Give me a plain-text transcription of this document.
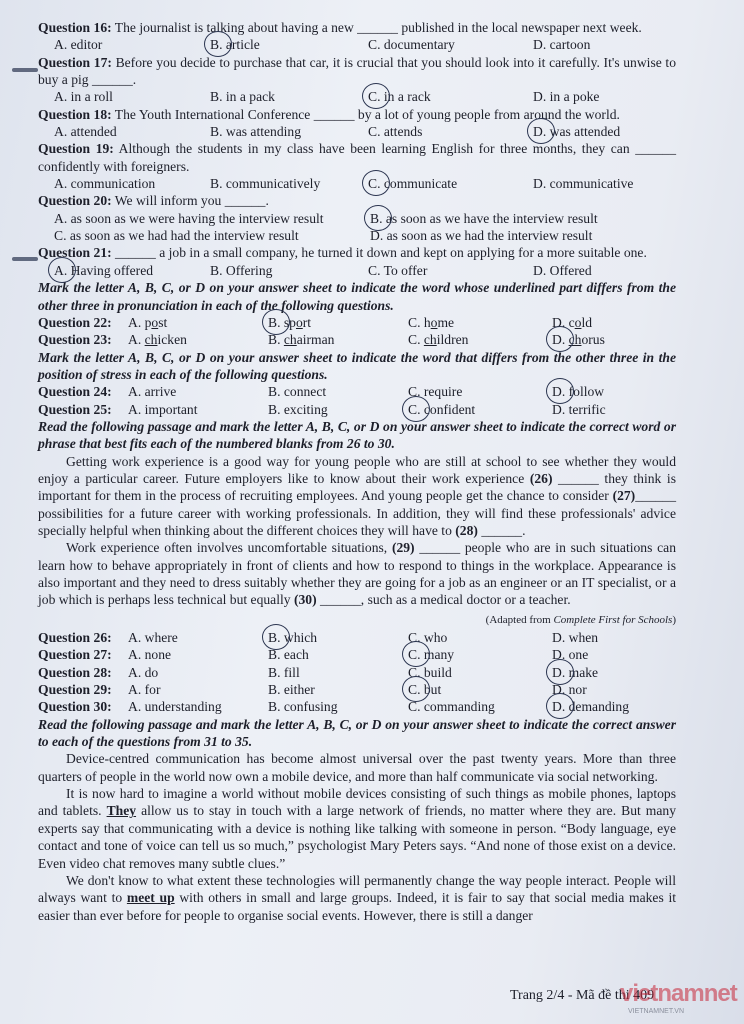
Question 16: The journalist is talking about having a new ______ published in the local newspaper next week.
A. editor	B. article	C. documentary	D. cartoon
Question 17: Before you decide to purchase that car, it is crucial that you should look into it carefully. It's unwise to buy a pig ______.
A. in a roll	B. in a pack	C. in a rack	D. in a poke
Question 18: The Youth International Conference ______ by a lot of young people from around the world.
A. attended	B. was attending	C. attends	D. was attended
Question 19: Although the students in my class have been learning English for three months, they can ______ confidently with foreigners.
A. communication	B. communicatively	C. communicate	D. communicative
Question 20: We will inform you ______.
A. as soon as we were having the interview result	B. as soon as we have the interview result
C. as soon as we had had the interview result	D. as soon as we had the interview result
Question 21: ______ a job in a small company, he turned it down and kept on applying for a more suitable one.
A. Having offered	B. Offering	C. To offer	D. Offered
Mark the letter A, B, C, or D on your answer sheet to indicate the word whose underlined part differs from the other three in pronunciation in each of the following questions.
Question 22:	A. post	B. sport	C. home	D. cold
Question 23:	A. chicken	B. chairman	C. children	D. chorus
Mark the letter A, B, C, or D on your answer sheet to indicate the word that differs from the other three in the position of stress in each of the following questions.
Question 24:	A. arrive	B. connect	C. require	D. follow
Question 25:	A. important	B. exciting	C. confident	D. terrific
Read the following passage and mark the letter A, B, C, or D on your answer sheet to indicate the correct word or phrase that best fits each of the numbered blanks from 26 to 30.
Getting work experience is a good way for young people who are still at school to see whether they would enjoy a particular career. Future employers like to know about their work experience (26) ______ they think is important for them in the process of recruiting employees. And young people get the chance to consider (27)______ possibilities for a future career with working professionals. In addition, they will find these professionals' advice specially helpful when thinking about the different choices they will have to (28) ______.
Work experience often involves uncomfortable situations, (29) ______ people who are in such situations can learn how to behave appropriately in front of clients and how to respond to things in the workplace. Appearance is also important and they need to dress suitably whether they are going for a job as an engineer or an IT specialist, or a job which is perhaps less technical but equally (30) ______, such as a medical doctor or a teacher.
(Adapted from Complete First for Schools)
Question 26:	A. where	B. which	C. who	D. when
Question 27:	A. none	B. each	C. many	D. one
Question 28:	A. do	B. fill	C. build	D. make
Question 29:	A. for	B. either	C. but	D. nor
Question 30:	A. understanding	B. confusing	C. commanding	D. demanding
Read the following passage and mark the letter A, B, C, or D on your answer sheet to indicate the correct answer to each of the questions from 31 to 35.
Device-centred communication has become almost universal over the past twenty years. More than three quarters of people in the world now own a mobile device, and more than half communicate via social networking.
It is now hard to imagine a world without mobile devices consisting of such things as mobile phones, laptops and tablets. They allow us to stay in touch with a large network of friends, no matter where they are. But many experts say that communicating with a device is nothing like talking with someone in person. “Body language, eye contact and tone of voice can tell us so much,” psychologist Mary Peters says. “And none of those exist on a device. Even video chat removes many subtle clues.”
We don't know to what extent these technologies will permanently change the way people interact. People will always want to meet up with others in small and large groups. Indeed, it is fair to say that social media makes it easier than ever before for people to organise social events. However, there is still a danger
Trang 2/4 - Mã đề thi 409
vietnamnet
VIETNAMNET.VN
